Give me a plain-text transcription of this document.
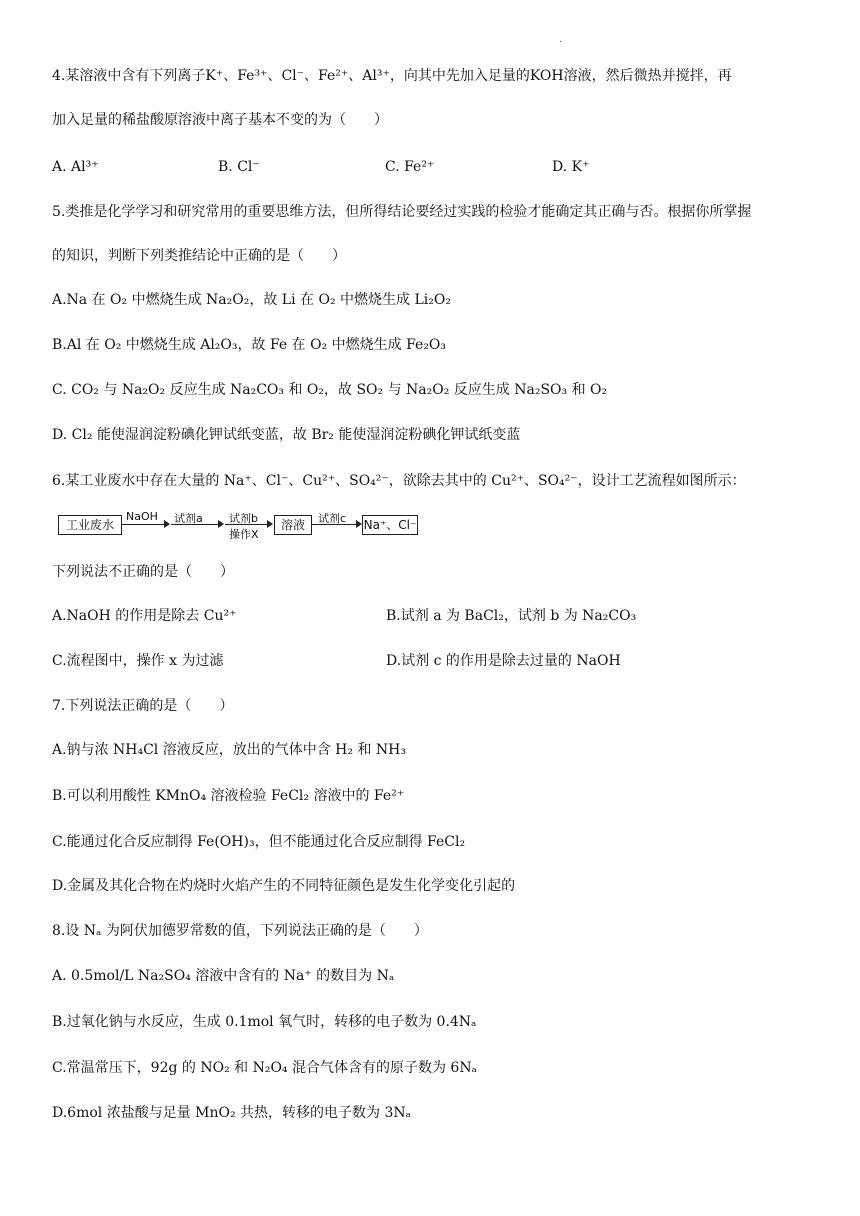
.
4.某溶液中含有下列离子K⁺、Fe³⁺、Cl⁻、Fe²⁺、Al³⁺，向其中先加入足量的KOH溶液，然后微热并搅拌，再
加入足量的稀盐酸原溶液中离子基本不变的为（　　）
A. Al³⁺	B. Cl⁻	C. Fe²⁺	D. K⁺
5.类推是化学学习和研究常用的重要思维方法，但所得结论要经过实践的检验才能确定其正确与否。根据你所掌握
的知识，判断下列类推结论中正确的是（　　）
A.Na 在 O₂ 中燃烧生成 Na₂O₂，故 Li 在 O₂ 中燃烧生成 Li₂O₂
B.Al 在 O₂ 中燃烧生成 Al₂O₃，故 Fe 在 O₂ 中燃烧生成 Fe₂O₃
C. CO₂ 与 Na₂O₂ 反应生成 Na₂CO₃ 和 O₂，故 SO₂ 与 Na₂O₂ 反应生成 Na₂SO₃ 和 O₂
D. Cl₂ 能使湿润淀粉碘化钾试纸变蓝，故 Br₂ 能使湿润淀粉碘化钾试纸变蓝
6.某工业废水中存在大量的 Na⁺、Cl⁻、Cu²⁺、SO₄²⁻，欲除去其中的 Cu²⁺、SO₄²⁻，设计工艺流程如图所示：
工业废水
NaOH 试剂a 试剂b
操作X
溶液	试剂c Na⁺、Cl⁻
下列说法不正确的是（　　）
A.NaOH 的作用是除去 Cu²⁺	B.试剂 a 为 BaCl₂，试剂 b 为 Na₂CO₃
C.流程图中，操作 x 为过滤	D.试剂 c 的作用是除去过量的 NaOH
7.下列说法正确的是（　　）
A.钠与浓 NH₄Cl 溶液反应，放出的气体中含 H₂ 和 NH₃
B.可以利用酸性 KMnO₄ 溶液检验 FeCl₂ 溶液中的 Fe²⁺
C.能通过化合反应制得 Fe(OH)₃，但不能通过化合反应制得 FeCl₂
D.金属及其化合物在灼烧时火焰产生的不同特征颜色是发生化学变化引起的
8.设 Nₐ 为阿伏加德罗常数的值，下列说法正确的是（　　）
A. 0.5mol/L Na₂SO₄ 溶液中含有的 Na⁺ 的数目为 Nₐ
B.过氧化钠与水反应，生成 0.1mol 氧气时，转移的电子数为 0.4Nₐ
C.常温常压下，92g 的 NO₂ 和 N₂O₄ 混合气体含有的原子数为 6Nₐ
D.6mol 浓盐酸与足量 MnO₂ 共热，转移的电子数为 3Nₐ
